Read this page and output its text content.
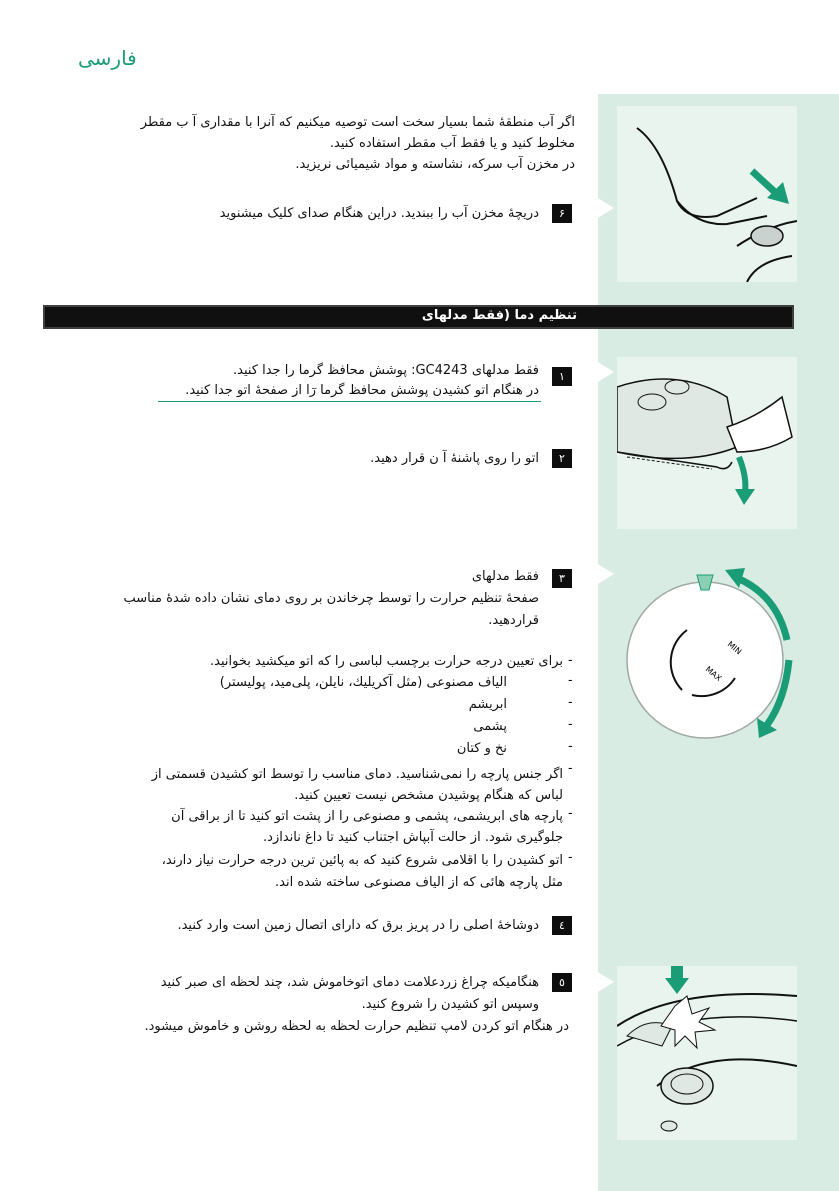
فارسی
اگر آب منطقهٔ شما بسیار سخت است توصیه میکنیم که آنرا با مقداری آ ب مقطر
مخلوط کنید و یا فقط آب مقطر استفاده کنید.
در مخزن آب سرکه، نشاسته و مواد شیمیائی نریزید.
۶
دریچهٔ مخزن آب را ببندید. دراین هنگام صدای کلیک میشنوید
تنظیم دما (فقط مدلهای
۱
فقط مدلهای GC4243: پوشش محافظ گرما را جدا کنید.
در هنگام اتو کشیدن پوشش محافظ گرما رٓا از صفحهٔ اتو جدا کنید.
۲
اتو را روی پاشنهٔ آ ن قرار دهید.
۳
فقط مدلهای
صفحهٔ تنظیم حرارت را توسط چرخاندن بر روی دمای نشان داده شدهٔ مناسب
قراردهید.
MIN
MAX
-
برای تعیین درجه حرارت برچسب لباسی را که اتو میکشید بخوانید.
-
الیاف مصنوعی (مثل آکریلیك، نایلن، پلی‌مید، پولیستر)
-
ابریشم
-
پشمی
-
نخ و کتان
-
اگر جنس پارچه را نمی‌شناسید. دمای مناسب را توسط اتو کشیدن قسمتی از
لباس که هنگام پوشیدن مشخص نیست تعیین کنید.
-
پارچه های ابریشمی، پشمی و مصنوعی را از پشت اتو کنید تا از براقی آن
جلوگیری شود. از حالت آبپاش اجتناب کنید تا داغ ناندازد.
-
اتو کشیدن را با اقلامی شروع کنید که به پائین ترین درجه حرارت نیاز دارند،
مثل پارچه هائی که از الیاف مصنوعی ساخته شده اند.
٤
دوشاخهٔ اصلی را در پریز برق که دارای اتصال زمین است وارد کنید.
٥
هنگامیکه چراغ زردعلامت دمای اتوخاموش شد، چند لحظه ای صبر کنید
وسپس اتو کشیدن را شروع کنید.
در هنگام اتو کردن لامپ تنظیم حرارت لحظه به لحظه روشن و خاموش میشود.
